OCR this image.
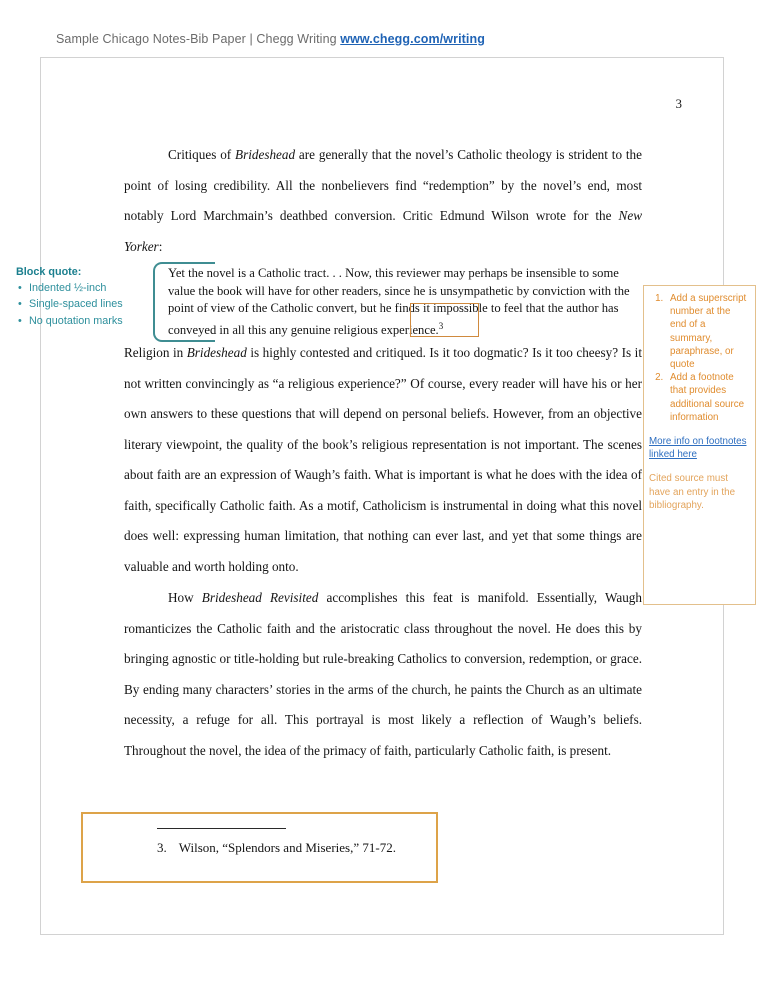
Sample Chicago Notes-Bib Paper | Chegg Writing www.chegg.com/writing
3
Critiques of Brideshead are generally that the novel’s Catholic theology is strident to the point of losing credibility. All the nonbelievers find “redemption” by the novel’s end, most notably Lord Marchmain’s deathbed conversion. Critic Edmund Wilson wrote for the New Yorker:
Yet the novel is a Catholic tract. . . Now, this reviewer may perhaps be insensible to some value the book will have for other readers, since he is unsympathetic by conviction with the point of view of the Catholic convert, but he finds it impossible to feel that the author has conveyed in all this any genuine religious experience.$^3$
Religion in Brideshead is highly contested and critiqued. Is it too dogmatic? Is it too cheesy? Is it not written convincingly as “a religious experience?” Of course, every reader will have his or her own answers to these questions that will depend on personal beliefs. However, from an objective literary viewpoint, the quality of the book’s religious representation is not important. The scenes about faith are an expression of Waugh’s faith. What is important is what he does with the idea of faith, specifically Catholic faith. As a motif, Catholicism is instrumental in doing what this novel does well: expressing human limitation, that nothing can ever last, and yet that some things are valuable and worth holding onto.
How Brideshead Revisited accomplishes this feat is manifold. Essentially, Waugh romanticizes the Catholic faith and the aristocratic class throughout the novel. He does this by bringing agnostic or title-holding but rule-breaking Catholics to conversion, redemption, or grace. By ending many characters’ stories in the arms of the church, he paints the Church as an ultimate necessity, a refuge for all. This portrayal is most likely a reflection of Waugh’s beliefs. Throughout the novel, the idea of the primacy of faith, particularly Catholic faith, is present.
Block quote:
• Indented ½-inch
• Single-spaced lines
• No quotation marks
1. Add a superscript number at the end of a summary, paraphrase, or quote
2. Add a footnote that provides additional source information
More info on footnotes linked here
Cited source must have an entry in the bibliography.
3. Wilson, “Splendors and Miseries,” 71-72.
